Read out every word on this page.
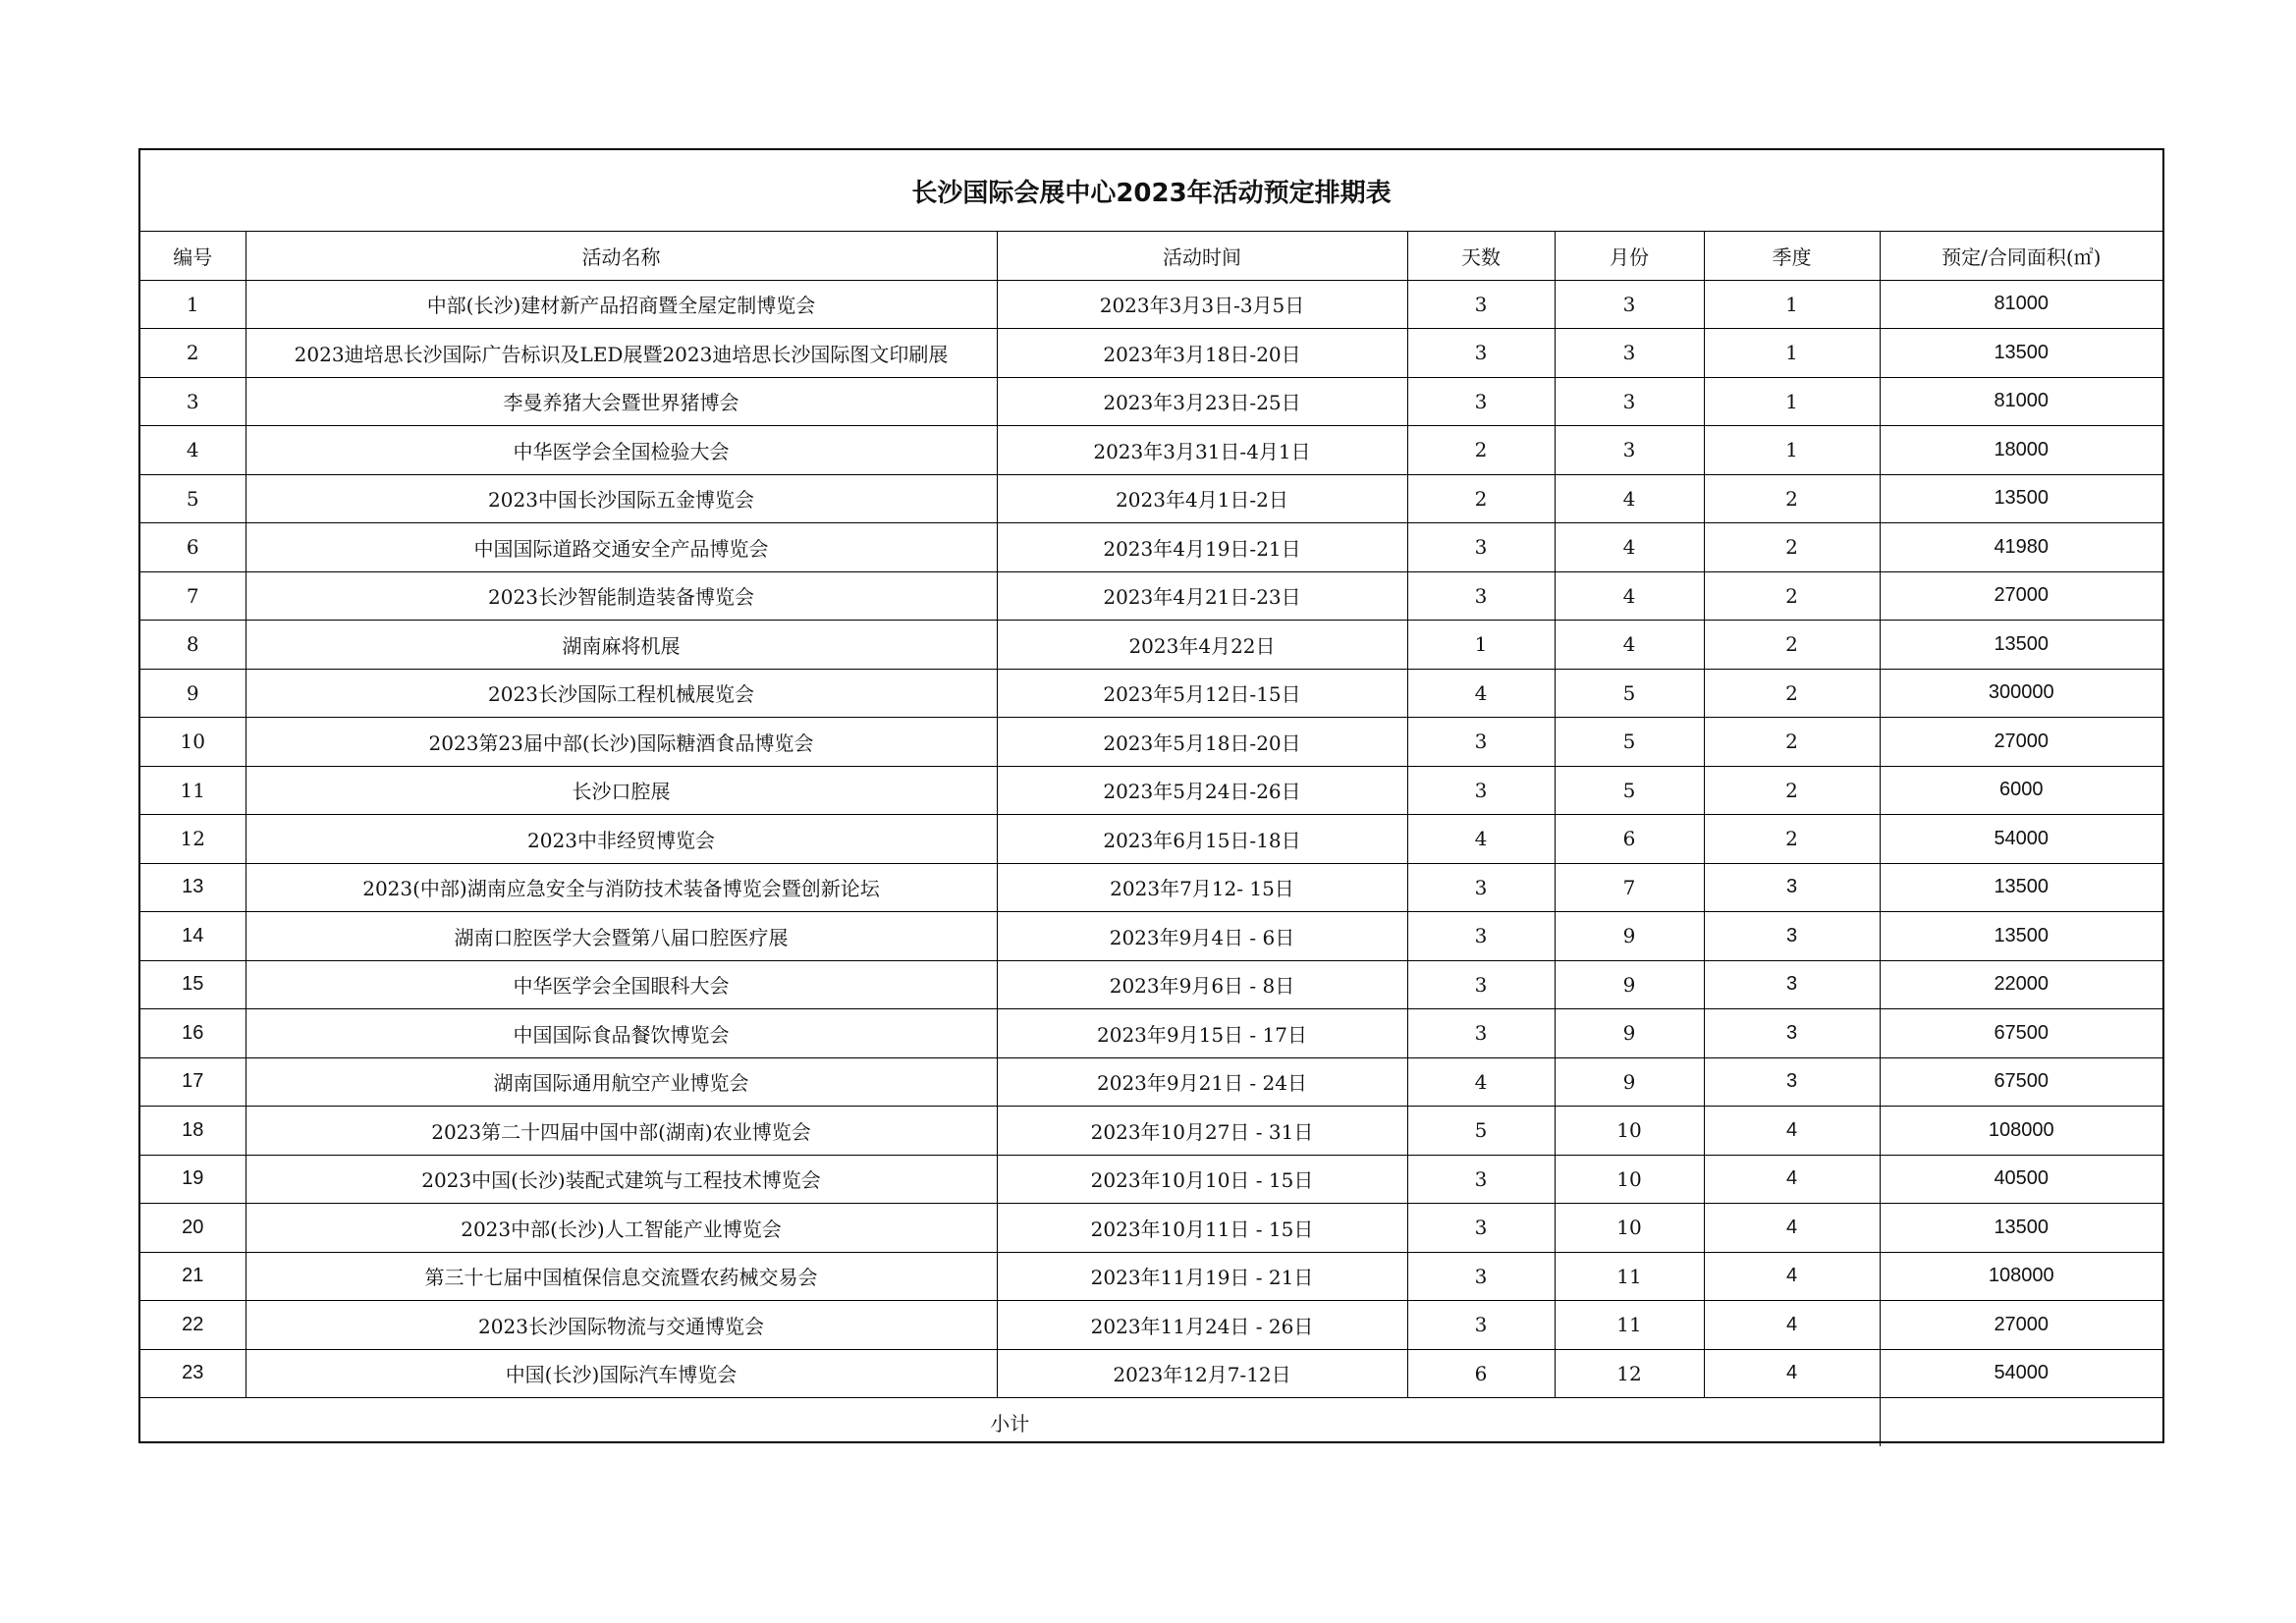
长沙国际会展中心2023年活动预定排期表						
编号	活动名称	活动时间	天数	月份	季度	预定/合同面积(㎡)
1	中部(长沙)建材新产品招商暨全屋定制博览会	2023年3月3日-3月5日	3	3	1	81000
2	2023迪培思长沙国际广告标识及LED展暨2023迪培思长沙国际图文印刷展	2023年3月18日-20日	3	3	1	13500
3	李曼养猪大会暨世界猪博会	2023年3月23日-25日	3	3	1	81000
4	中华医学会全国检验大会	2023年3月31日-4月1日	2	3	1	18000
5	2023中国长沙国际五金博览会	2023年4月1日-2日	2	4	2	13500
6	中国国际道路交通安全产品博览会	2023年4月19日-21日	3	4	2	41980
7	2023长沙智能制造装备博览会	2023年4月21日-23日	3	4	2	27000
8	湖南麻将机展	2023年4月22日	1	4	2	13500
9	2023长沙国际工程机械展览会	2023年5月12日-15日	4	5	2	300000
10	2023第23届中部(长沙)国际糖酒食品博览会	2023年5月18日-20日	3	5	2	27000
11	长沙口腔展	2023年5月24日-26日	3	5	2	6000
12	2023中非经贸博览会	2023年6月15日-18日	4	6	2	54000
13	2023(中部)湖南应急安全与消防技术装备博览会暨创新论坛	2023年7月12- 15日	3	7	3	13500
14	湖南口腔医学大会暨第八届口腔医疗展	2023年9月4日 - 6日	3	9	3	13500
15	中华医学会全国眼科大会	2023年9月6日 - 8日	3	9	3	22000
16	中国国际食品餐饮博览会	2023年9月15日 - 17日	3	9	3	67500
17	湖南国际通用航空产业博览会	2023年9月21日 - 24日	4	9	3	67500
18	2023第二十四届中国中部(湖南)农业博览会	2023年10月27日 - 31日	5	10	4	108000
19	2023中国(长沙)装配式建筑与工程技术博览会	2023年10月10日 - 15日	3	10	4	40500
20	2023中部(长沙)人工智能产业博览会	2023年10月11日 - 15日	3	10	4	13500
21	第三十七届中国植保信息交流暨农药械交易会	2023年11月19日 - 21日	3	11	4	108000
22	2023长沙国际物流与交通博览会	2023年11月24日 - 26日	3	11	4	27000
23	中国(长沙)国际汽车博览会	2023年12月7-12日	6	12	4	54000
小计						
